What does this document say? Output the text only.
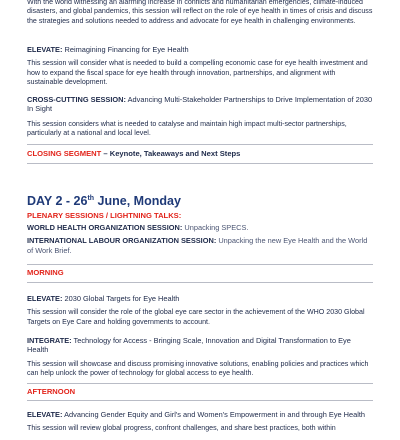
With the world witnessing an alarming increase in conflicts and humanitarian emergencies, climate-induced disasters, and global pandemics, this session will reflect on the role of eye health in times of crisis and discuss the strategies and solutions needed to address and advocate for eye health in challenging environments.

ELEVATE: Reimagining Financing for Eye Health

This session will consider what is needed to build a compelling economic case for eye health investment and how to expand the fiscal space for eye health through innovation, partnerships, and alignment with sustainable development.

CROSS-CUTTING SESSION: Advancing Multi-Stakeholder Partnerships to Drive Implementation of 2030 In Sight

This session considers what is needed to catalyse and maintain high impact multi-sector partnerships, particularly at a national and local level.

CLOSING SEGMENT – Keynote, Takeaways and Next Steps

DAY 2 - 26th June, Monday

PLENARY SESSIONS / LIGHTNING TALKS:

WORLD HEALTH ORGANIZATION SESSION: Unpacking SPECS.

INTERNATIONAL LABOUR ORGANIZATION SESSION: Unpacking the new Eye Health and the World of Work Brief.

MORNING

ELEVATE: 2030 Global Targets for Eye Health

This session will consider the role of the global eye care sector in the achievement of the WHO 2030 Global Targets on Eye Care and holding governments to account.

INTEGRATE: Technology for Access - Bringing Scale, Innovation and Digital Transformation to Eye Health

This session will showcase and discuss promising innovative solutions, enabling policies and practices which can help unlock the power of technology for global access to eye health.

AFTERNOON

ELEVATE: Advancing Gender Equity and Girl's and Women's Empowerment in and through Eye Health

This session will review global progress, confront challenges, and share best practices, both within
